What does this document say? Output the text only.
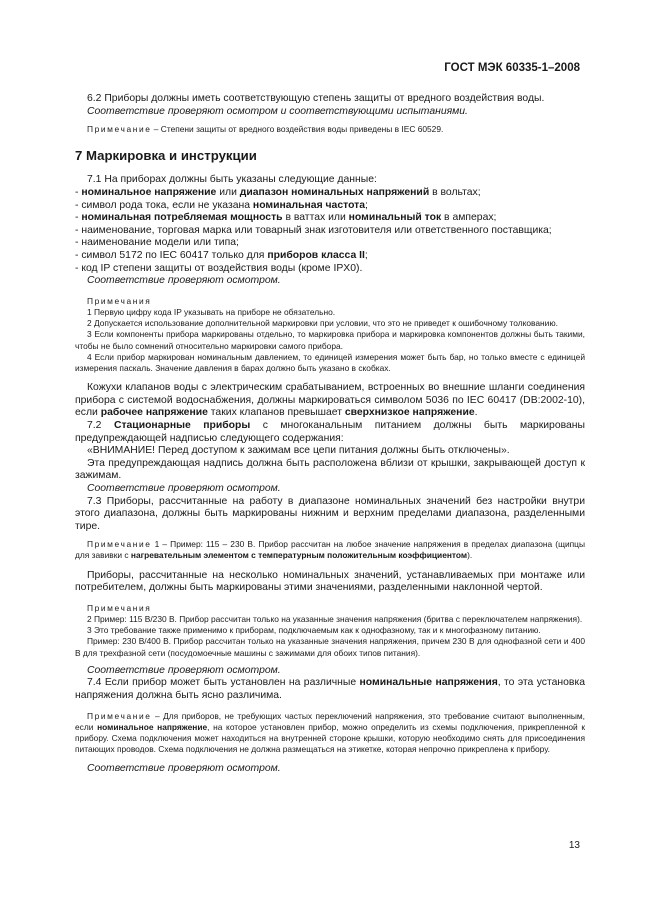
ГОСТ МЭК 60335-1–2008

6.2 Приборы должны иметь соответствующую степень защиты от вредного воздействия воды.

Соответствие проверяют осмотром и соответствующими испытаниями.

Примечание – Степени защиты от вредного воздействия воды приведены в IEC 60529.

7 Маркировка и инструкции

7.1 На приборах должны быть указаны следующие данные:

- номинальное напряжение или диапазон номинальных напряжений в вольтах;

- символ рода тока, если не указана номинальная частота;

- номинальная потребляемая мощность в ваттах или номинальный ток в амперах;

- наименование, торговая марка или товарный знак изготовителя или ответственного поставщика;

- наименование модели или типа;

- символ 5172 по IEC 60417 только для приборов класса II;

- код IP степени защиты от воздействия воды (кроме IPX0).

Соответствие проверяют осмотром.

Примечания

1 Первую цифру кода IP указывать на приборе не обязательно.

2 Допускается использование дополнительной маркировки при условии, что это не приведет к ошибочному толкованию.

3 Если компоненты прибора маркированы отдельно, то маркировка прибора и маркировка компонентов должны быть такими, чтобы не было сомнений относительно маркировки самого прибора.

4 Если прибор маркирован номинальным давлением, то единицей измерения может быть бар, но только вместе с единицей измерения паскаль. Значение давления в барах должно быть указано в скобках.

Кожухи клапанов воды с электрическим срабатыванием, встроенных во внешние шланги соединения прибора с системой водоснабжения, должны маркироваться символом 5036 по IEC 60417 (DB:2002-10), если рабочее напряжение таких клапанов превышает сверхнизкое напряжение.

7.2 Стационарные приборы с многоканальным питанием должны быть маркированы предупреждающей надписью следующего содержания:

«ВНИМАНИЕ! Перед доступом к зажимам все цепи питания должны быть отключены».

Эта предупреждающая надпись должна быть расположена вблизи от крышки, закрывающей доступ к зажимам.

Соответствие проверяют осмотром.

7.3 Приборы, рассчитанные на работу в диапазоне номинальных значений без настройки внутри этого диапазона, должны быть маркированы нижним и верхним пределами диапазона, разделенными тире.

Примечание 1 – Пример: 115 – 230 В. Прибор рассчитан на любое значение напряжения в пределах диапазона (щипцы для завивки с нагревательным элементом с температурным положительным коэффициентом).

Приборы, рассчитанные на несколько номинальных значений, устанавливаемых при монтаже или потребителем, должны быть маркированы этими значениями, разделенными наклонной чертой.

Примечания

2 Пример: 115 В/230 В. Прибор рассчитан только на указанные значения напряжения (бритва с переключателем напряжения).

3 Это требование также применимо к приборам, подключаемым как к однофазному, так и к многофазному питанию.

Пример: 230 В/400 В. Прибор рассчитан только на указанные значения напряжения, причем 230 В для однофазной сети и 400 В для трехфазной сети (посудомоечные машины с зажимами для обоих типов питания).

Соответствие проверяют осмотром.

7.4 Если прибор может быть установлен на различные номинальные напряжения, то эта установка напряжения должна быть ясно различима.

Примечание – Для приборов, не требующих частых переключений напряжения, это требование считают выполненным, если номинальное напряжение, на которое установлен прибор, можно определить из схемы подключения, прикрепленной к прибору. Схема подключения может находиться на внутренней стороне крышки, которую необходимо снять для присоединения питающих проводов. Схема подключения не должна размещаться на этикетке, которая непрочно прикреплена к прибору.

Соответствие проверяют осмотром.

13
